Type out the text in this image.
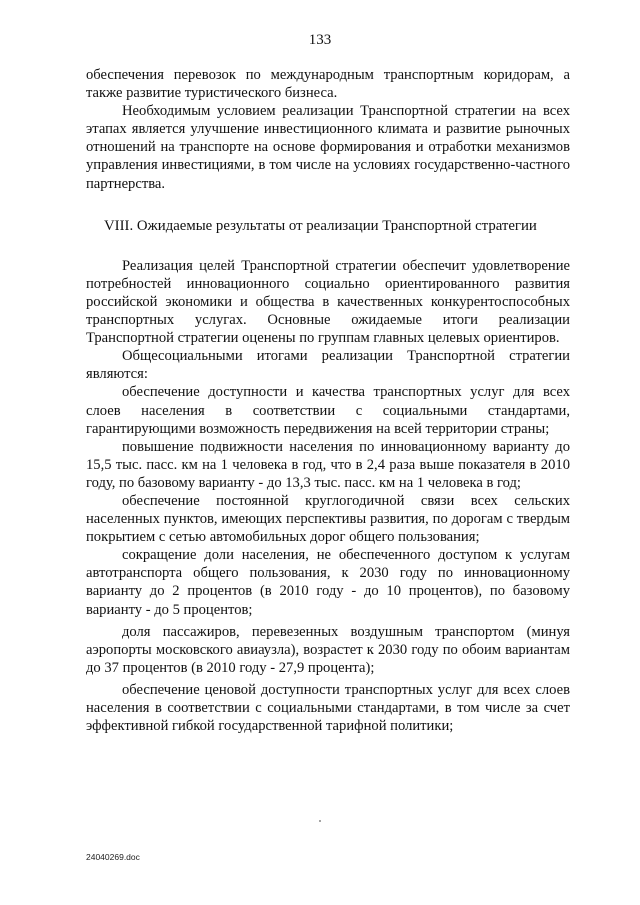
133

обеспечения перевозок по международным транспортным коридорам, а также развитие туристического бизнеса.

Необходимым условием реализации Транспортной стратегии на всех этапах является улучшение инвестиционного климата и развитие рыночных отношений на транспорте на основе формирования и отработки механизмов управления инвестициями, в том числе на условиях государственно-частного партнерства.

VIII. Ожидаемые результаты от реализации Транспортной стратегии

Реализация целей Транспортной стратегии обеспечит удовлетворение потребностей инновационного социально ориентированного развития российской экономики и общества в качественных конкурентоспособных транспортных услугах. Основные ожидаемые итоги реализации Транспортной стратегии оценены по группам главных целевых ориентиров.

Общесоциальными итогами реализации Транспортной стратегии являются:

обеспечение доступности и качества транспортных услуг для всех слоев населения в соответствии с социальными стандартами, гарантирующими возможность передвижения на всей территории страны;

повышение подвижности населения по инновационному варианту до 15,5 тыс. пасс. км на 1 человека в год, что в 2,4 раза выше показателя в 2010 году, по базовому варианту - до 13,3 тыс. пасс. км на 1 человека в год;

обеспечение постоянной круглогодичной связи всех сельских населенных пунктов, имеющих перспективы развития, по дорогам с твердым покрытием с сетью автомобильных дорог общего пользования;

сокращение доли населения, не обеспеченного доступом к услугам автотранспорта общего пользования, к 2030 году по инновационному варианту до 2 процентов (в 2010 году - до 10 процентов), по базовому варианту - до 5 процентов;

доля пассажиров, перевезенных воздушным транспортом (минуя аэропорты московского авиаузла), возрастет к 2030 году по обоим вариантам до 37 процентов (в 2010 году - 27,9 процента);

обеспечение ценовой доступности транспортных услуг для всех слоев населения в соответствии с социальными стандартами, в том числе за счет эффективной гибкой государственной тарифной политики;

24040269.doc
